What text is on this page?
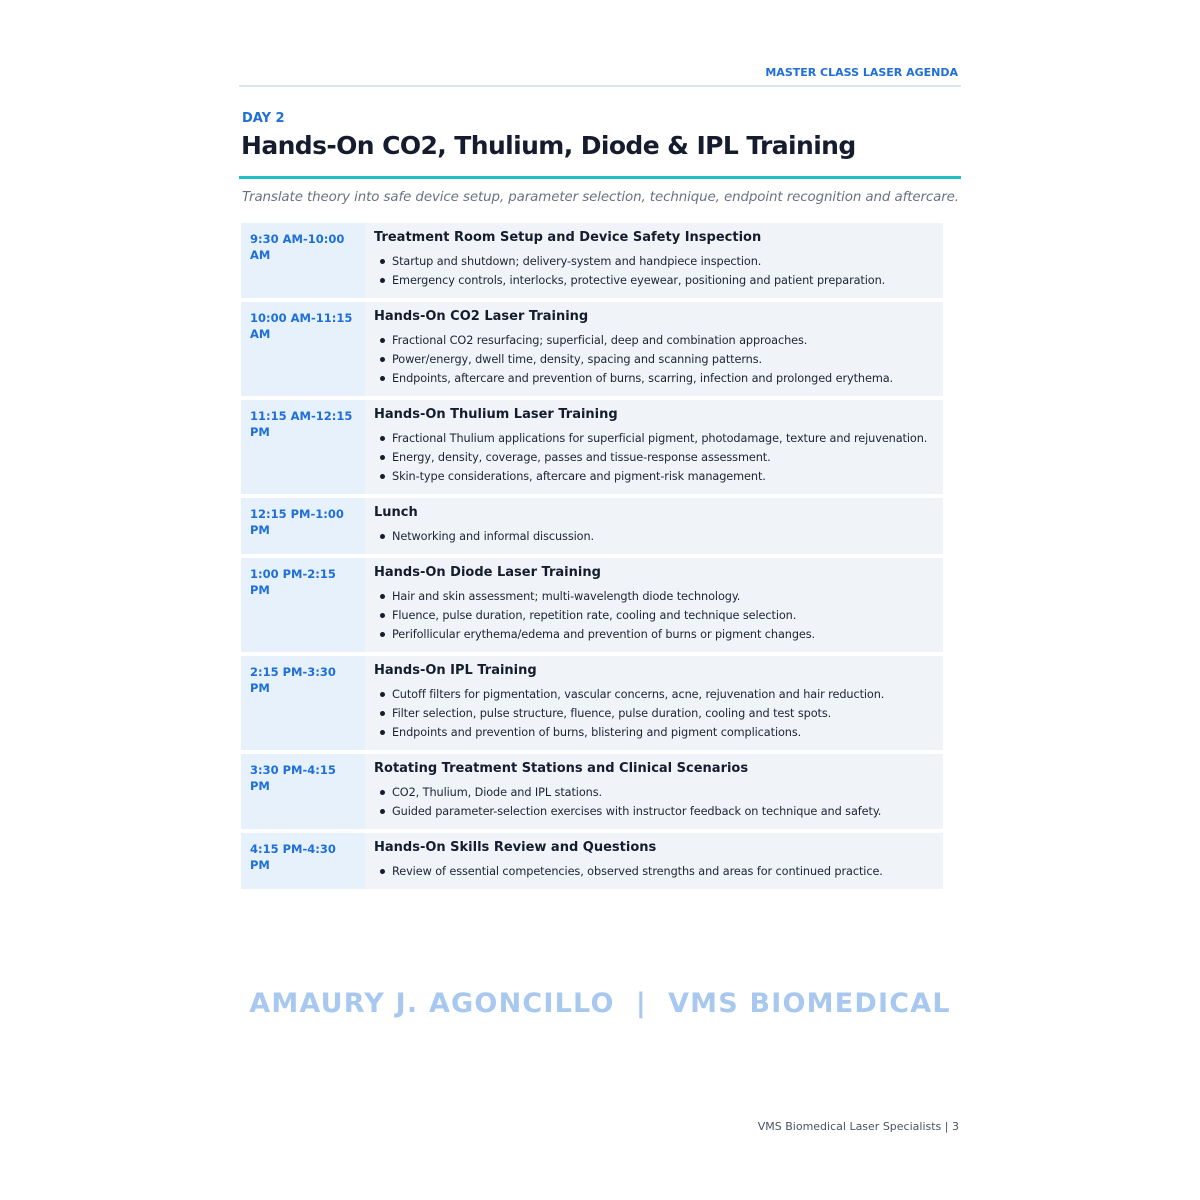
MASTER CLASS LASER AGENDA
DAY 2
Hands-On CO2, Thulium, Diode & IPL Training
Translate theory into safe device setup, parameter selection, technique, endpoint recognition and aftercare.
9:30 AM-10:00 AM
Treatment Room Setup and Device Safety Inspection
Startup and shutdown; delivery-system and handpiece inspection.
Emergency controls, interlocks, protective eyewear, positioning and patient preparation.
10:00 AM-11:15 AM
Hands-On CO2 Laser Training
Fractional CO2 resurfacing; superficial, deep and combination approaches.
Power/energy, dwell time, density, spacing and scanning patterns.
Endpoints, aftercare and prevention of burns, scarring, infection and prolonged erythema.
11:15 AM-12:15 PM
Hands-On Thulium Laser Training
Fractional Thulium applications for superficial pigment, photodamage, texture and rejuvenation.
Energy, density, coverage, passes and tissue-response assessment.
Skin-type considerations, aftercare and pigment-risk management.
12:15 PM-1:00 PM
Lunch
Networking and informal discussion.
1:00 PM-2:15 PM
Hands-On Diode Laser Training
Hair and skin assessment; multi-wavelength diode technology.
Fluence, pulse duration, repetition rate, cooling and technique selection.
Perifollicular erythema/edema and prevention of burns or pigment changes.
2:15 PM-3:30 PM
Hands-On IPL Training
Cutoff filters for pigmentation, vascular concerns, acne, rejuvenation and hair reduction.
Filter selection, pulse structure, fluence, pulse duration, cooling and test spots.
Endpoints and prevention of burns, blistering and pigment complications.
3:30 PM-4:15 PM
Rotating Treatment Stations and Clinical Scenarios
CO2, Thulium, Diode and IPL stations.
Guided parameter-selection exercises with instructor feedback on technique and safety.
4:15 PM-4:30 PM
Hands-On Skills Review and Questions
Review of essential competencies, observed strengths and areas for continued practice.
AMAURY J. AGONCILLO  |  VMS BIOMEDICAL
VMS Biomedical Laser Specialists | 3
